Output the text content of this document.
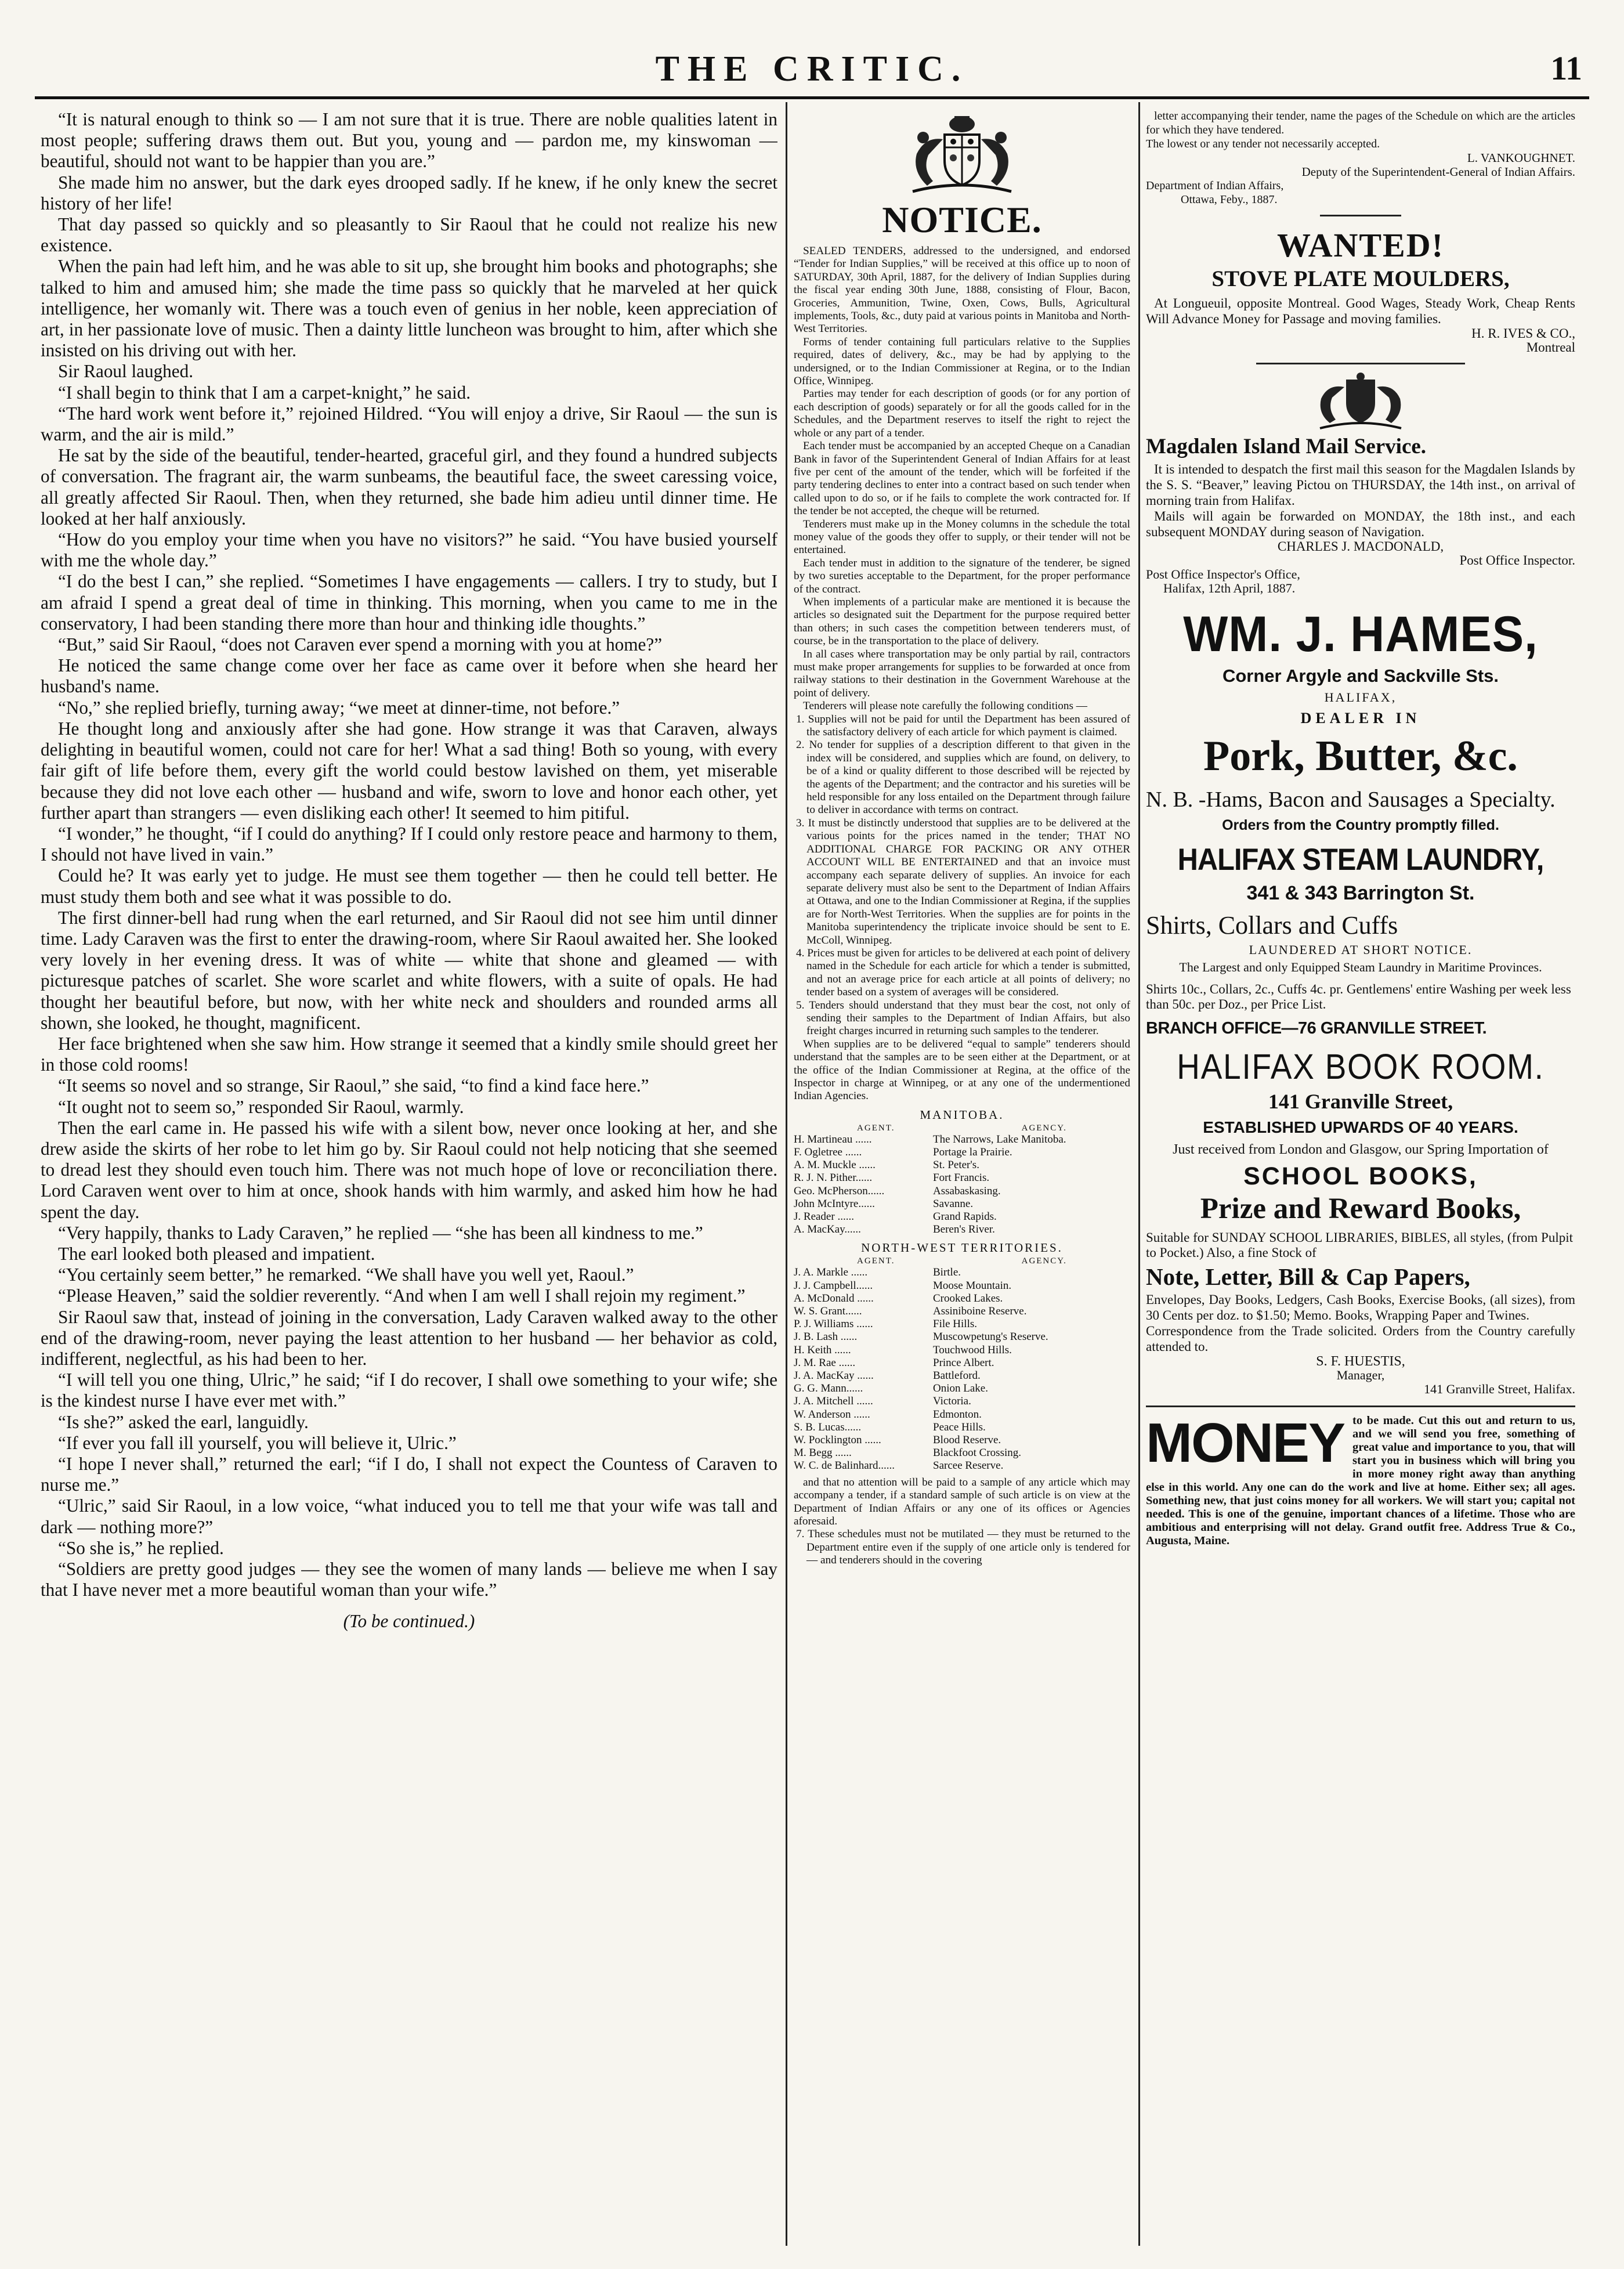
THE CRITIC.	11

“It is natural enough to think so — I am not sure that it is true. There are noble qualities latent in most people; suffering draws them out. But you, young and — pardon me, my kinswoman — beautiful, should not want to be happier than you are.”

She made him no answer, but the dark eyes drooped sadly. If he knew, if he only knew the secret history of her life!

That day passed so quickly and so pleasantly to Sir Raoul that he could not realize his new existence.

When the pain had left him, and he was able to sit up, she brought him books and photographs; she talked to him and amused him; she made the time pass so quickly that he marveled at her quick intelligence, her womanly wit. There was a touch even of genius in her noble, keen appreciation of art, in her passionate love of music. Then a dainty little luncheon was brought to him, after which she insisted on his driving out with her.

Sir Raoul laughed.

“I shall begin to think that I am a carpet-knight,” he said.

“The hard work went before it,” rejoined Hildred. “You will enjoy a drive, Sir Raoul — the sun is warm, and the air is mild.”

He sat by the side of the beautiful, tender-hearted, graceful girl, and they found a hundred subjects of conversation. The fragrant air, the warm sunbeams, the beautiful face, the sweet caressing voice, all greatly affected Sir Raoul. Then, when they returned, she bade him adieu until dinner time. He looked at her half anxiously.

“How do you employ your time when you have no visitors?” he said. “You have busied yourself with me the whole day.”

“I do the best I can,” she replied. “Sometimes I have engagements — callers. I try to study, but I am afraid I spend a great deal of time in thinking. This morning, when you came to me in the conservatory, I had been standing there more than hour and thinking idle thoughts.”

“But,” said Sir Raoul, “does not Caraven ever spend a morning with you at home?”

He noticed the same change come over her face as came over it before when she heard her husband's name.

“No,” she replied briefly, turning away; “we meet at dinner-time, not before.”

He thought long and anxiously after she had gone. How strange it was that Caraven, always delighting in beautiful women, could not care for her! What a sad thing! Both so young, with every fair gift of life before them, every gift the world could bestow lavished on them, yet miserable because they did not love each other — husband and wife, sworn to love and honor each other, yet further apart than strangers — even disliking each other! It seemed to him pitiful.

“I wonder,” he thought, “if I could do anything? If I could only restore peace and harmony to them, I should not have lived in vain.”

Could he? It was early yet to judge. He must see them together — then he could tell better. He must study them both and see what it was possible to do.

The first dinner-bell had rung when the earl returned, and Sir Raoul did not see him until dinner time. Lady Caraven was the first to enter the drawing-room, where Sir Raoul awaited her. She looked very lovely in her evening dress. It was of white — white that shone and gleamed — with picturesque patches of scarlet. She wore scarlet and white flowers, with a suite of opals. He had thought her beautiful before, but now, with her white neck and shoulders and rounded arms all shown, she looked, he thought, magnificent.

Her face brightened when she saw him. How strange it seemed that a kindly smile should greet her in those cold rooms!

“It seems so novel and so strange, Sir Raoul,” she said, “to find a kind face here.”

“It ought not to seem so,” responded Sir Raoul, warmly.

Then the earl came in. He passed his wife with a silent bow, never once looking at her, and she drew aside the skirts of her robe to let him go by. Sir Raoul could not help noticing that she seemed to dread lest they should even touch him. There was not much hope of love or reconciliation there. Lord Caraven went over to him at once, shook hands with him warmly, and asked him how he had spent the day.

“Very happily, thanks to Lady Caraven,” he replied — “she has been all kindness to me.”

The earl looked both pleased and impatient.

“You certainly seem better,” he remarked. “We shall have you well yet, Raoul.”

“Please Heaven,” said the soldier reverently. “And when I am well I shall rejoin my regiment.”

Sir Raoul saw that, instead of joining in the conversation, Lady Caraven walked away to the other end of the drawing-room, never paying the least attention to her husband — her behavior as cold, indifferent, neglectful, as his had been to her.

“I will tell you one thing, Ulric,” he said; “if I do recover, I shall owe something to your wife; she is the kindest nurse I have ever met with.”

“Is she?” asked the earl, languidly.

“If ever you fall ill yourself, you will believe it, Ulric.”

“I hope I never shall,” returned the earl; “if I do, I shall not expect the Countess of Caraven to nurse me.”

“Ulric,” said Sir Raoul, in a low voice, “what induced you to tell me that your wife was tall and dark — nothing more?”

“So she is,” he replied.

“Soldiers are pretty good judges — they see the women of many lands — believe me when I say that I have never met a more beautiful woman than your wife.”

(To be continued.)

NOTICE.

SEALED TENDERS, addressed to the undersigned, and endorsed “Tender for Indian Supplies,” will be received at this office up to noon of SATURDAY, 30th April, 1887, for the delivery of Indian Supplies during the fiscal year ending 30th June, 1888, consisting of Flour, Bacon, Groceries, Ammunition, Twine, Oxen, Cows, Bulls, Agricultural implements, Tools, &c., duty paid at various points in Manitoba and North-West Territories.

Forms of tender containing full particulars relative to the Supplies required, dates of delivery, &c., may be had by applying to the undersigned, or to the Indian Commissioner at Regina, or to the Indian Office, Winnipeg.

Parties may tender for each description of goods (or for any portion of each description of goods) separately or for all the goods called for in the Schedules, and the Department reserves to itself the right to reject the whole or any part of a tender.

Each tender must be accompanied by an accepted Cheque on a Canadian Bank in favor of the Superintendent General of Indian Affairs for at least five per cent of the amount of the tender, which will be forfeited if the party tendering declines to enter into a contract based on such tender when called upon to do so, or if he fails to complete the work contracted for. If the tender be not accepted, the cheque will be returned.

Tenderers must make up in the Money columns in the schedule the total money value of the goods they offer to supply, or their tender will not be entertained.

Each tender must in addition to the signature of the tenderer, be signed by two sureties acceptable to the Department, for the proper performance of the contract.

When implements of a particular make are mentioned it is because the articles so designated suit the Department for the purpose required better than others; in such cases the competition between tenderers must, of course, be in the transportation to the place of delivery.

In all cases where transportation may be only partial by rail, contractors must make proper arrangements for supplies to be forwarded at once from railway stations to their destination in the Government Warehouse at the point of delivery.

Tenderers will please note carefully the following conditions —

1. Supplies will not be paid for until the Department has been assured of the satisfactory delivery of each article for which payment is claimed.

2. No tender for supplies of a description different to that given in the index will be considered, and supplies which are found, on delivery, to be of a kind or quality different to those described will be rejected by the agents of the Department; and the contractor and his sureties will be held responsible for any loss entailed on the Department through failure to deliver in accordance with terms on contract.

3. It must be distinctly understood that supplies are to be delivered at the various points for the prices named in the tender; THAT NO ADDITIONAL CHARGE FOR PACKING OR ANY OTHER ACCOUNT WILL BE ENTERTAINED and that an invoice must accompany each separate delivery of supplies. An invoice for each separate delivery must also be sent to the Department of Indian Affairs at Ottawa, and one to the Indian Commissioner at Regina, if the supplies are for North-West Territories. When the supplies are for points in the Manitoba superintendency the triplicate invoice should be sent to E. McColl, Winnipeg.

4. Prices must be given for articles to be delivered at each point of delivery named in the Schedule for each article for which a tender is submitted, and not an average price for each article at all points of delivery; no tender based on a system of averages will be considered.

5. Tenders should understand that they must bear the cost, not only of sending their samples to the Department of Indian Affairs, but also freight charges incurred in returning such samples to the tenderer.

When supplies are to be delivered “equal to sample” tenderers should understand that the samples are to be seen either at the Department, or at the office of the Indian Commissioner at Regina, at the office of the Inspector in charge at Winnipeg, or at any one of the undermentioned Indian Agencies.

MANITOBA.
AGENT.	AGENCY.
H. Martineau ......	The Narrows, Lake Manitoba.
F. Ogletree ......	Portage la Prairie.
A. M. Muckle ......	St. Peter's.
R. J. N. Pither......	Fort Francis.
Geo. McPherson......	Assabaskasing.
John McIntyre......	Savanne.
J. Reader ......	Grand Rapids.
A. MacKay......	Beren's River.
NORTH-WEST TERRITORIES.
AGENT.	AGENCY.
J. A. Markle ......	Birtle.
J. J. Campbell......	Moose Mountain.
A. McDonald ......	Crooked Lakes.
W. S. Grant......	Assiniboine Reserve.
P. J. Williams ......	File Hills.
J. B. Lash ......	Muscowpetung's Reserve.
H. Keith ......	Touchwood Hills.
J. M. Rae ......	Prince Albert.
J. A. MacKay ......	Battleford.
G. G. Mann......	Onion Lake.
J. A. Mitchell ......	Victoria.
W. Anderson ......	Edmonton.
S. B. Lucas......	Peace Hills.
W. Pocklington ......	Blood Reserve.
M. Begg ......	Blackfoot Crossing.
W. C. de Balinhard......	Sarcee Reserve.

and that no attention will be paid to a sample of any article which may accompany a tender, if a standard sample of such article is on view at the Department of Indian Affairs or any one of its offices or Agencies aforesaid.

7. These schedules must not be mutilated — they must be returned to the Department entire even if the supply of one article only is tendered for — and tenderers should in the covering

letter accompanying their tender, name the pages of the Schedule on which are the articles for which they have tendered.

The lowest or any tender not necessarily accepted.

L. VANKOUGHNET.

Deputy of the Superintendent-General of Indian Affairs.

Department of Indian Affairs,

Ottawa, Feby., 1887.

WANTED!
STOVE PLATE MOULDERS,

At Longueuil, opposite Montreal. Good Wages, Steady Work, Cheap Rents Will Advance Money for Passage and moving families.

H. R. IVES & CO.,

Montreal

Magdalen Island Mail Service.

It is intended to despatch the first mail this season for the Magdalen Islands by the S. S. “Beaver,” leaving Pictou on THURSDAY, the 14th inst., on arrival of morning train from Halifax.

Mails will again be forwarded on MONDAY, the 18th inst., and each subsequent MONDAY during season of Navigation.

CHARLES J. MACDONALD,

Post Office Inspector.

Post Office Inspector's Office,

Halifax, 12th April, 1887.

WM. J. HAMES,
Corner Argyle and Sackville Sts.
HALIFAX,
DEALER IN
Pork, Butter, &c.
N. B. -Hams, Bacon and Sausages a Specialty.
Orders from the Country promptly filled.
HALIFAX STEAM LAUNDRY,
341 & 343 Barrington St.
Shirts, Collars and Cuffs
LAUNDERED AT SHORT NOTICE.
The Largest and only Equipped Steam Laundry in Maritime Provinces.
Shirts 10c., Collars, 2c., Cuffs 4c. pr. Gentlemens' entire Washing per week less than 50c. per Doz., per Price List.
BRANCH OFFICE—76 GRANVILLE STREET.
HALIFAX BOOK ROOM.
141 Granville Street,
ESTABLISHED UPWARDS OF 40 YEARS.
Just received from London and Glasgow, our Spring Importation of
SCHOOL BOOKS,
Prize and Reward Books,
Suitable for SUNDAY SCHOOL LIBRARIES, BIBLES, all styles, (from Pulpit to Pocket.) Also, a fine Stock of
Note, Letter, Bill & Cap Papers,

Envelopes, Day Books, Ledgers, Cash Books, Exercise Books, (all sizes), from 30 Cents per doz. to $1.50; Memo. Books, Wrapping Paper and Twines.

Correspondence from the Trade solicited. Orders from the Country carefully attended to.

S. F. HUESTIS,

Manager,

141 Granville Street, Halifax.

MONEY to be made. Cut this out and return to us, and we will send you free, something of great value and importance to you, that will start you in business which will bring you in more money right away than anything else in this world. Any one can do the work and live at home. Either sex; all ages. Something new, that just coins money for all workers. We will start you; capital not needed. This is one of the genuine, important chances of a lifetime. Those who are ambitious and enterprising will not delay. Grand outfit free. Address True & Co., Augusta, Maine.
